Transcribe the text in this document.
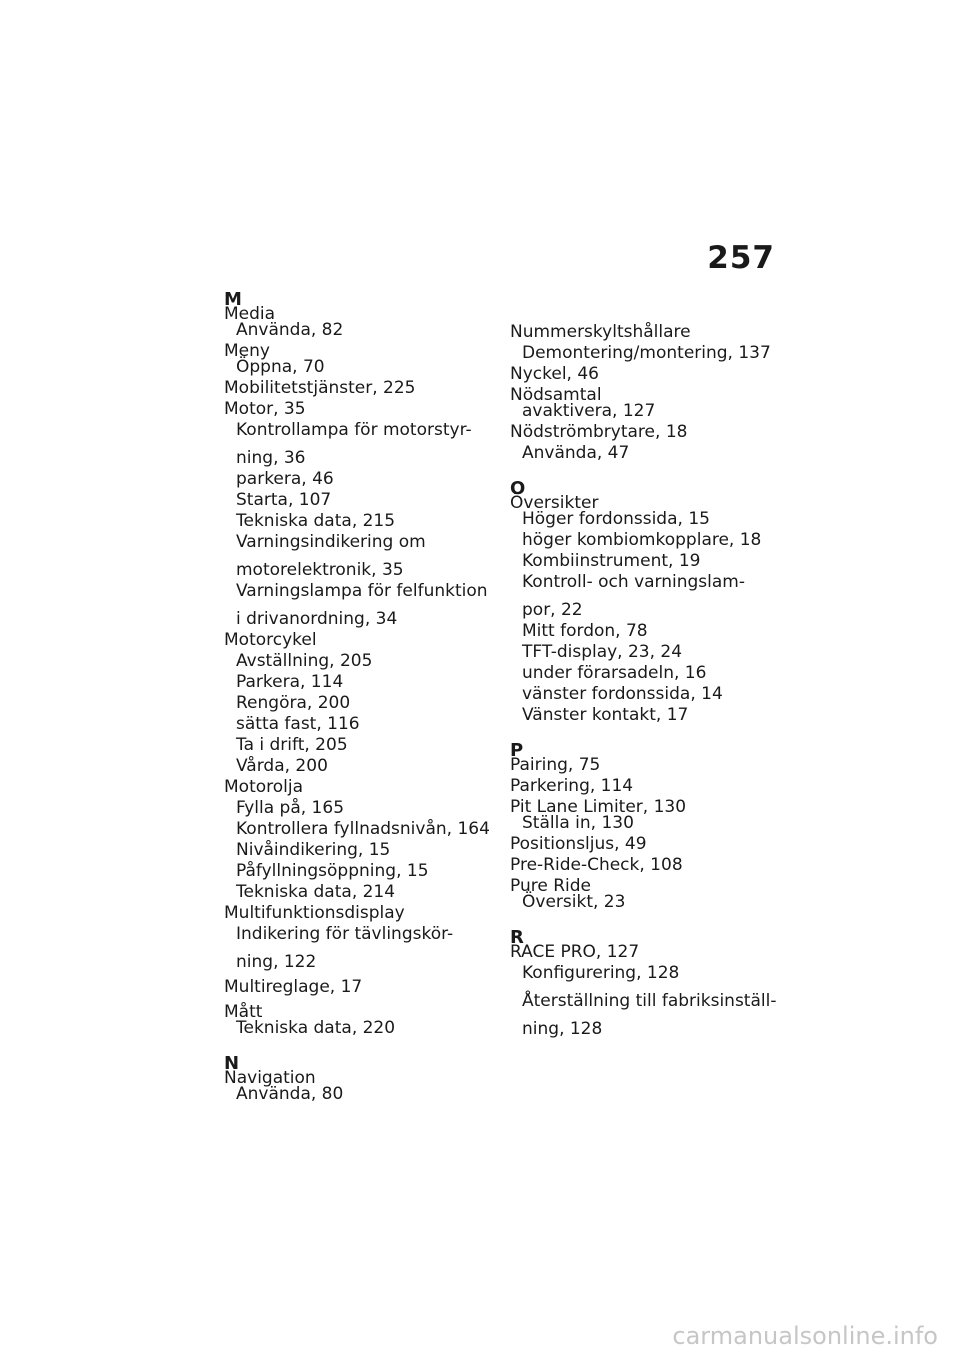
257
M
Media
Använda, 82
Meny
Öppna, 70
Mobilitetstjänster, 225
Motor, 35
Kontrollampa för motorstyr-
ning, 36
parkera, 46
Starta, 107
Tekniska data, 215
Varningsindikering om
motorelektronik, 35
Varningslampa för felfunktion
i drivanordning, 34
Motorcykel
Avställning, 205
Parkera, 114
Rengöra, 200
sätta fast, 116
Ta i drift, 205
Vårda, 200
Motorolja
Fylla på, 165
Kontrollera fyllnadsnivån, 164
Nivåindikering, 15
Påfyllningsöppning, 15
Tekniska data, 214
Multifunktionsdisplay
Indikering för tävlingskör-
ning, 122
Multireglage, 17
Mått
Tekniska data, 220
N
Navigation
Använda, 80
Nummerskyltshållare
Demontering/montering, 137
Nyckel, 46
Nödsamtal
avaktivera, 127
Nödströmbrytare, 18
Använda, 47
O
Översikter
Höger fordonssida, 15
höger kombiomkopplare, 18
Kombiinstrument, 19
Kontroll- och varningslam-
por, 22
Mitt fordon, 78
TFT-display, 23, 24
under förarsadeln, 16
vänster fordonssida, 14
Vänster kontakt, 17
P
Pairing, 75
Parkering, 114
Pit Lane Limiter, 130
Ställa in, 130
Positionsljus, 49
Pre-Ride-Check, 108
Pure Ride
Översikt, 23
R
RACE PRO, 127
Konfigurering, 128
Återställning till fabriksinställ-
ning, 128
carmanualsonline.info
